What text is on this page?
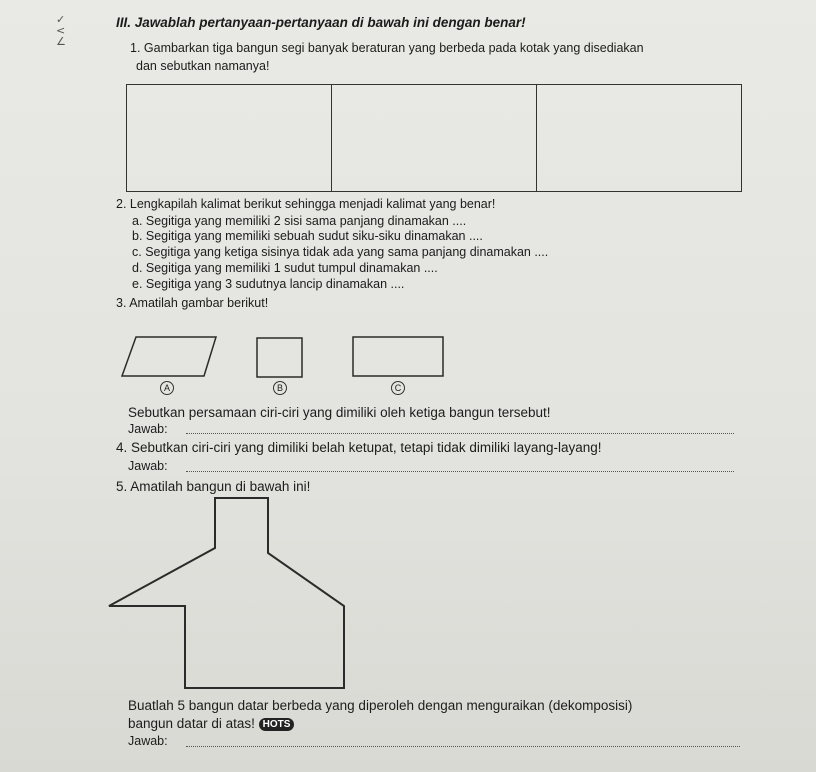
✓
<
∠
III. Jawablah pertanyaan-pertanyaan di bawah ini dengan benar!
1. Gambarkan tiga bangun segi banyak beraturan yang berbeda pada kotak yang disediakan
dan sebutkan namanya!
2. Lengkapilah kalimat berikut sehingga menjadi kalimat yang benar!
a. Segitiga yang memiliki 2 sisi sama panjang dinamakan ....
b. Segitiga yang memiliki sebuah sudut siku-siku dinamakan ....
c. Segitiga yang ketiga sisinya tidak ada yang sama panjang dinamakan ....
d. Segitiga yang memiliki 1 sudut tumpul dinamakan ....
e. Segitiga yang 3 sudutnya lancip dinamakan ....
3. Amatilah gambar berikut!
A	B	C
Sebutkan persamaan ciri-ciri yang dimiliki oleh ketiga bangun tersebut!
Jawab:
4. Sebutkan ciri-ciri yang dimiliki belah ketupat, tetapi tidak dimiliki layang-layang!
Jawab:
5. Amatilah bangun di bawah ini!
Buatlah 5 bangun datar berbeda yang diperoleh dengan menguraikan (dekomposisi)
bangun datar di atas! HOTS
Jawab:
